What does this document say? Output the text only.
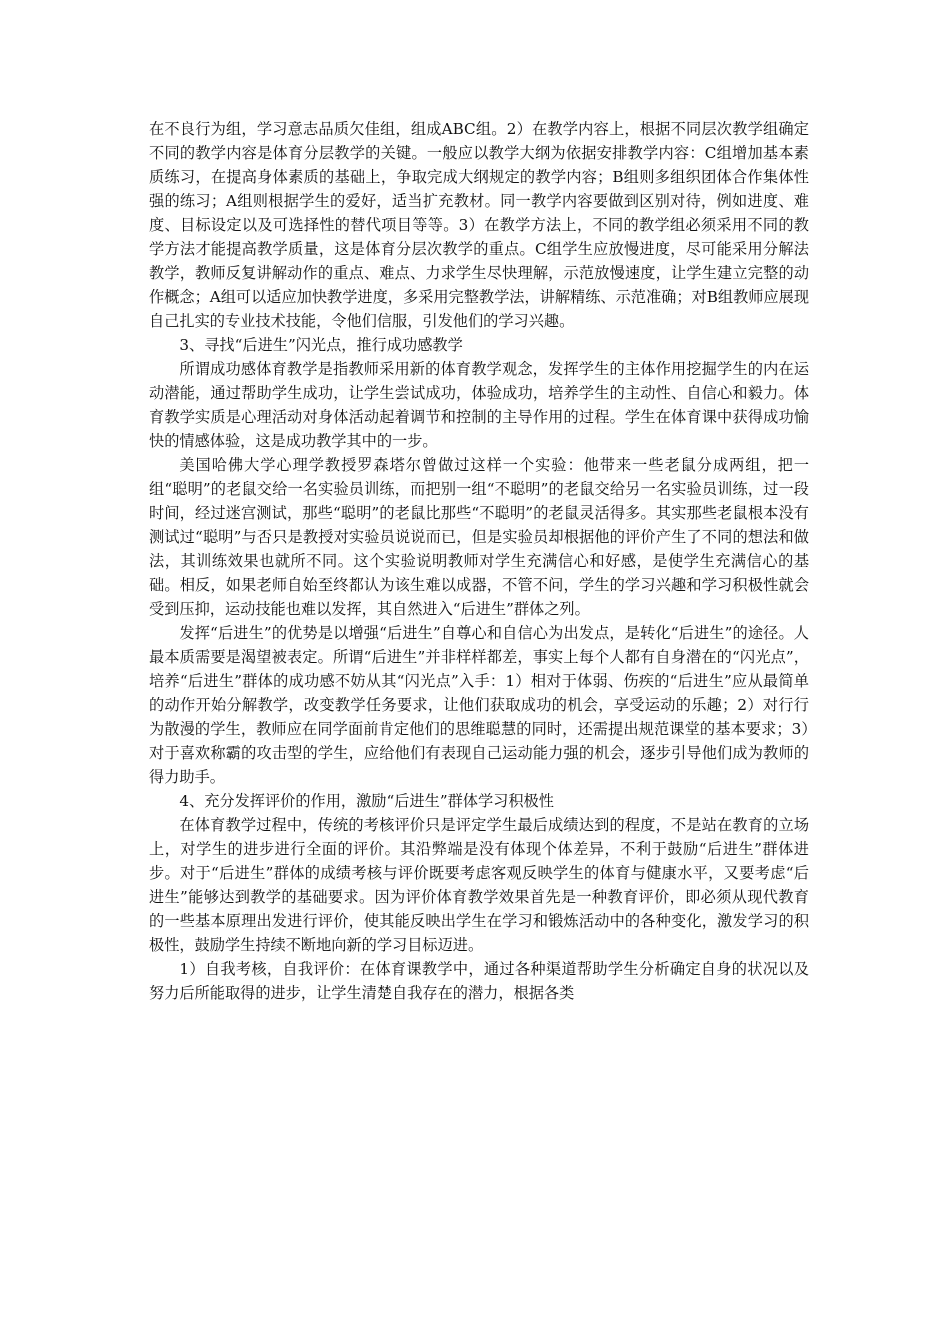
在不良行为组，学习意志品质欠佳组，组成ABC组。2）在教学内容上，根据不同层次教学组确定不同的教学内容是体育分层教学的关键。一般应以教学大纲为依据安排教学内容：C组增加基本素质练习，在提高身体素质的基础上，争取完成大纲规定的教学内容；B组则多组织团体合作集体性强的练习；A组则根据学生的爱好，适当扩充教材。同一教学内容要做到区别对待，例如进度、难度、目标设定以及可选择性的替代项目等等。3）在教学方法上，不同的教学组必须采用不同的教学方法才能提高教学质量，这是体育分层次教学的重点。C组学生应放慢进度，尽可能采用分解法教学，教师反复讲解动作的重点、难点、力求学生尽快理解，示范放慢速度，让学生建立完整的动作概念；A组可以适应加快教学进度，多采用完整教学法，讲解精练、示范准确；对B组教师应展现自己扎实的专业技术技能，令他们信服，引发他们的学习兴趣。

3、寻找“后进生”闪光点，推行成功感教学

所谓成功感体育教学是指教师采用新的体育教学观念，发挥学生的主体作用挖掘学生的内在运动潜能，通过帮助学生成功，让学生尝试成功，体验成功，培养学生的主动性、自信心和毅力。体育教学实质是心理活动对身体活动起着调节和控制的主导作用的过程。学生在体育课中获得成功愉快的情感体验，这是成功教学其中的一步。

美国哈佛大学心理学教授罗森塔尔曾做过这样一个实验：他带来一些老鼠分成两组，把一组“聪明”的老鼠交给一名实验员训练，而把别一组“不聪明”的老鼠交给另一名实验员训练，过一段时间，经过迷宫测试，那些“聪明”的老鼠比那些“不聪明”的老鼠灵活得多。其实那些老鼠根本没有测试过“聪明”与否只是教授对实验员说说而已，但是实验员却根据他的评价产生了不同的想法和做法，其训练效果也就所不同。这个实验说明教师对学生充满信心和好感，是使学生充满信心的基础。相反，如果老师自始至终都认为该生难以成器，不管不问，学生的学习兴趣和学习积极性就会受到压抑，运动技能也难以发挥，其自然进入“后进生”群体之列。

发挥“后进生”的优势是以增强“后进生”自尊心和自信心为出发点，是转化“后进生”的途径。人最本质需要是渴望被表定。所谓“后进生”并非样样都差，事实上每个人都有自身潜在的“闪光点”，培养“后进生”群体的成功感不妨从其“闪光点”入手：1）相对于体弱、伤疾的“后进生”应从最简单的动作开始分解教学，改变教学任务要求，让他们获取成功的机会，享受运动的乐趣；2）对行行为散漫的学生，教师应在同学面前肯定他们的思维聪慧的同时，还需提出规范课堂的基本要求；3）对于喜欢称霸的攻击型的学生，应给他们有表现自己运动能力强的机会，逐步引导他们成为教师的得力助手。

4、充分发挥评价的作用，激励“后进生”群体学习积极性

在体育教学过程中，传统的考核评价只是评定学生最后成绩达到的程度，不是站在教育的立场上，对学生的进步进行全面的评价。其沿弊端是没有体现个体差异，不利于鼓励“后进生”群体进步。对于“后进生”群体的成绩考核与评价既要考虑客观反映学生的体育与健康水平，又要考虑“后进生”能够达到教学的基础要求。因为评价体育教学效果首先是一种教育评价，即必须从现代教育的一些基本原理出发进行评价，使其能反映出学生在学习和锻炼活动中的各种变化，激发学习的积极性，鼓励学生持续不断地向新的学习目标迈进。

1）自我考核，自我评价：在体育课教学中，通过各种渠道帮助学生分析确定自身的状况以及努力后所能取得的进步，让学生清楚自我存在的潜力，根据各类
